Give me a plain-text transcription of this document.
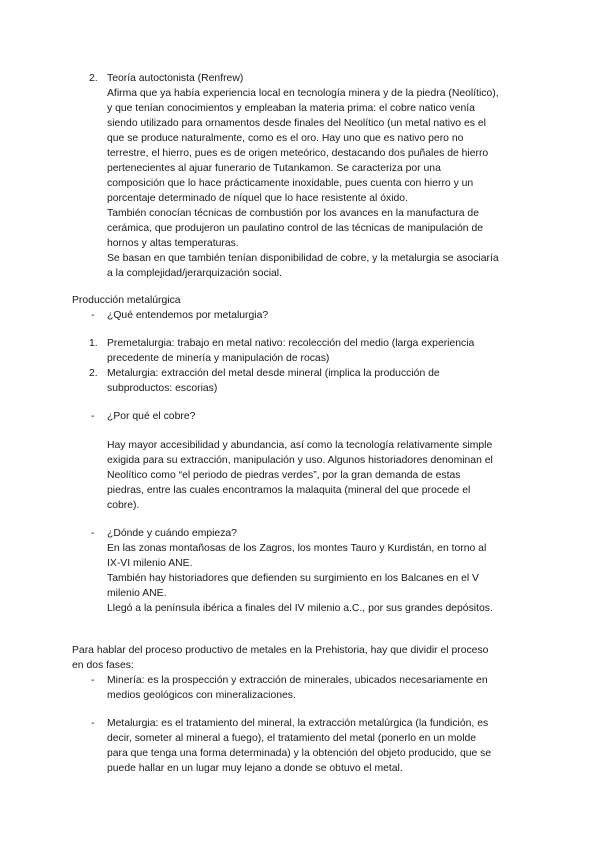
2. Teoría autoctonista (Renfrew)
Afirma que ya había experiencia local en tecnología minera y de la piedra (Neolítico),
y que tenían conocimientos y empleaban la materia prima: el cobre natico venía
siendo utilizado para ornamentos desde finales del Neolítico (un metal nativo es el
que se produce naturalmente, como es el oro. Hay uno que es nativo pero no
terrestre, el hierro, pues es de origen meteórico, destacando dos puñales de hierro
pertenecientes al ajuar funerario de Tutankamon. Se caracteriza por una
composición que lo hace prácticamente inoxidable, pues cuenta con hierro y un
porcentaje determinado de níquel que lo hace resistente al óxido.
También conocían técnicas de combustión por los avances en la manufactura de
cerámica, que produjeron un paulatino control de las técnicas de manipulación de
hornos y altas temperaturas.
Se basan en que también tenían disponibilidad de cobre, y la metalurgia se asociaría
a la complejidad/jerarquización social.
Producción metalúrgica
- ¿Qué entendemos por metalurgia?
1. Premetalurgia: trabajo en metal nativo: recolección del medio (larga experiencia
precedente de minería y manipulación de rocas)
2. Metalurgia: extracción del metal desde mineral (implica la producción de
subproductos: escorias)
- ¿Por qué el cobre?
Hay mayor accesibilidad y abundancia, así como la tecnología relativamente simple
exigida para su extracción, manipulación y uso. Algunos historiadores denominan el
Neolítico como “el periodo de piedras verdes”, por la gran demanda de estas
piedras, entre las cuales encontramos la malaquita (mineral del que procede el
cobre).
- ¿Dónde y cuándo empieza?
En las zonas montañosas de los Zagros, los montes Tauro y Kurdistán, en torno al
IX-VI milenio ANE.
También hay historiadores que defienden su surgimiento en los Balcanes en el V
milenio ANE.
Llegó a la península ibérica a finales del IV milenio a.C., por sus grandes depósitos.
Para hablar del proceso productivo de metales en la Prehistoria, hay que dividir el proceso
en dos fases:
- Minería: es la prospección y extracción de minerales, ubicados necesariamente en
medios geológicos con mineralizaciones.
- Metalurgia: es el tratamiento del mineral, la extracción metalúrgica (la fundición, es
decir, someter al mineral a fuego), el tratamiento del metal (ponerlo en un molde
para que tenga una forma determinada) y la obtención del objeto producido, que se
puede hallar en un lugar muy lejano a donde se obtuvo el metal.
